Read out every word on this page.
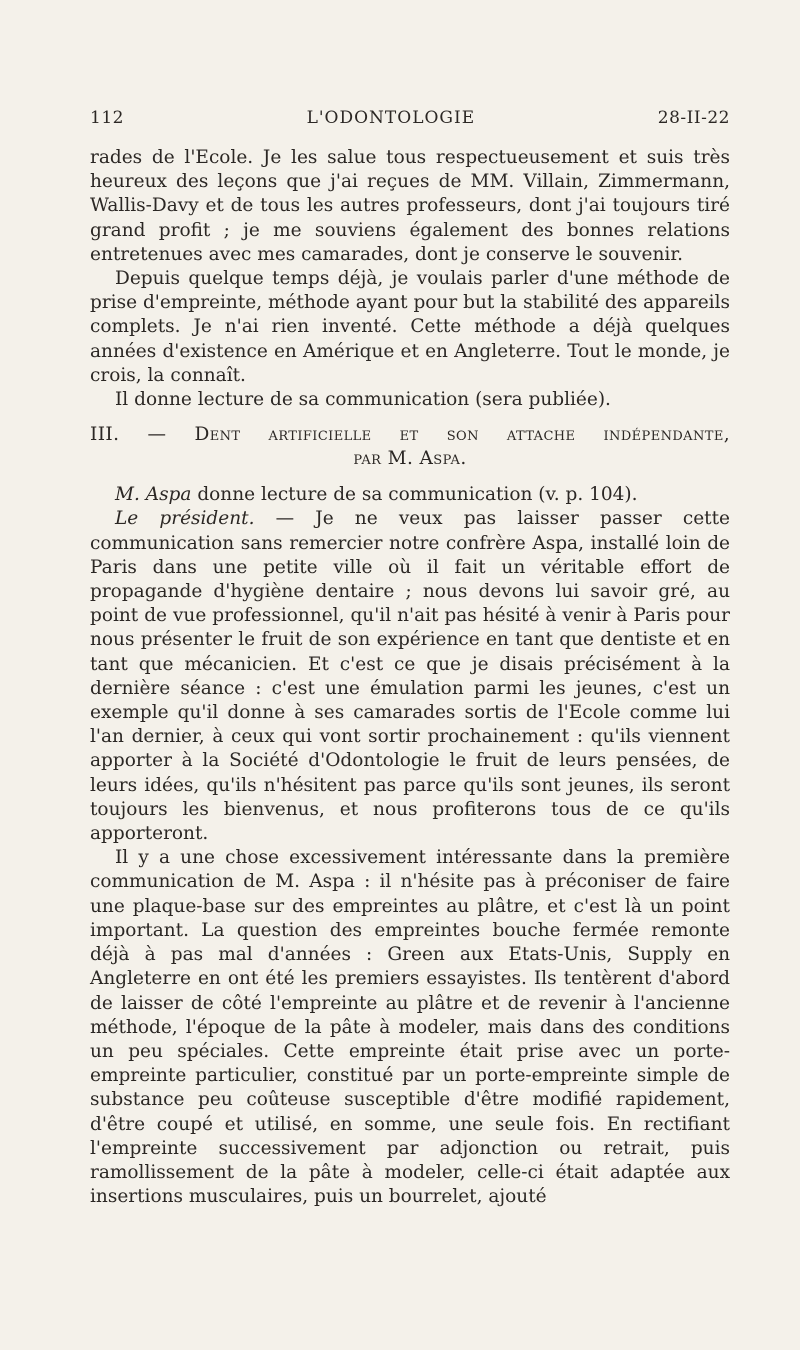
112	L'ODONTOLOGIE	28-II-22

rades de l'Ecole. Je les salue tous respectueusement et suis très heureux des leçons que j'ai reçues de MM. Villain, Zimmermann, Wallis-Davy et de tous les autres professeurs, dont j'ai toujours tiré grand profit ; je me souviens également des bonnes relations entretenues avec mes camarades, dont je conserve le souvenir.

Depuis quelque temps déjà, je voulais parler d'une méthode de prise d'empreinte, méthode ayant pour but la stabilité des appareils complets. Je n'ai rien inventé. Cette méthode a déjà quelques années d'existence en Amérique et en Angleterre. Tout le monde, je crois, la connaît.

Il donne lecture de sa communication (sera publiée).

III. — Dent artificielle et son attache indépendante,
par M. Aspa.

M. Aspa donne lecture de sa communication (v. p. 104).

Le président. — Je ne veux pas laisser passer cette communication sans remercier notre confrère Aspa, installé loin de Paris dans une petite ville où il fait un véritable effort de propagande d'hygiène dentaire ; nous devons lui savoir gré, au point de vue professionnel, qu'il n'ait pas hésité à venir à Paris pour nous présenter le fruit de son expérience en tant que dentiste et en tant que mécanicien. Et c'est ce que je disais précisément à la dernière séance : c'est une émulation parmi les jeunes, c'est un exemple qu'il donne à ses camarades sortis de l'Ecole comme lui l'an dernier, à ceux qui vont sortir prochainement : qu'ils viennent apporter à la Société d'Odontologie le fruit de leurs pensées, de leurs idées, qu'ils n'hésitent pas parce qu'ils sont jeunes, ils seront toujours les bienvenus, et nous profiterons tous de ce qu'ils apporteront.

Il y a une chose excessivement intéressante dans la première communication de M. Aspa : il n'hésite pas à préconiser de faire une plaque-base sur des empreintes au plâtre, et c'est là un point important. La question des empreintes bouche fermée remonte déjà à pas mal d'années : Green aux Etats-Unis, Supply en Angleterre en ont été les premiers essayistes. Ils tentèrent d'abord de laisser de côté l'empreinte au plâtre et de revenir à l'ancienne méthode, l'époque de la pâte à modeler, mais dans des conditions un peu spéciales. Cette empreinte était prise avec un porte-empreinte particulier, constitué par un porte-empreinte simple de substance peu coûteuse susceptible d'être modifié rapidement, d'être coupé et utilisé, en somme, une seule fois. En rectifiant l'empreinte successivement par adjonction ou retrait, puis ramollissement de la pâte à modeler, celle-ci était adaptée aux insertions musculaires, puis un bourrelet, ajouté
